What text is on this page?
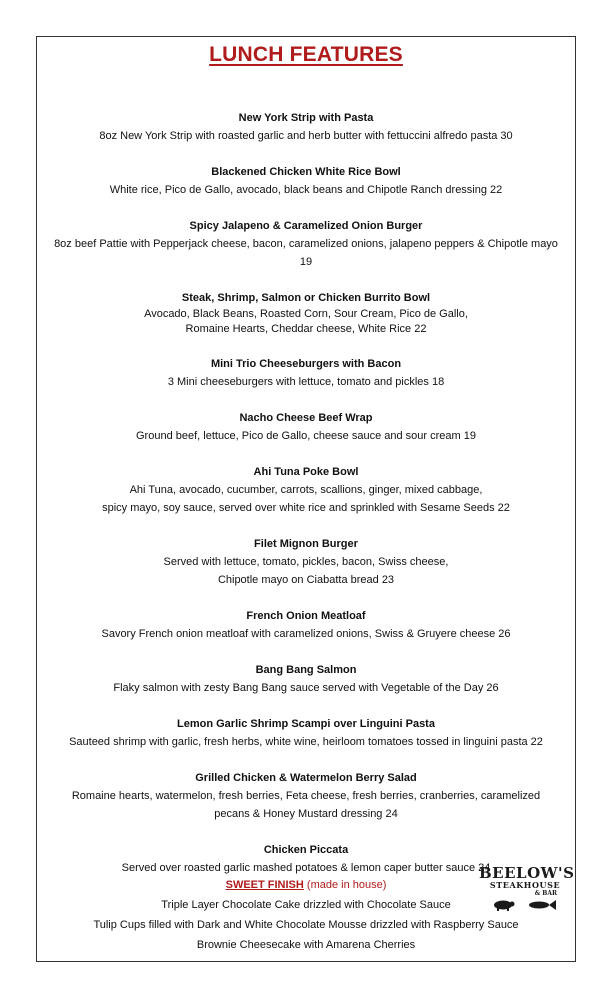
LUNCH FEATURES
New York Strip with Pasta
8oz New York Strip with roasted garlic and herb butter with fettuccini alfredo pasta 30
Blackened Chicken White Rice Bowl
White rice, Pico de Gallo, avocado, black beans and Chipotle Ranch dressing 22
Spicy Jalapeno & Caramelized Onion Burger
8oz beef Pattie with Pepperjack cheese, bacon, caramelized onions, jalapeno peppers & Chipotle mayo
19
Steak, Shrimp, Salmon or Chicken Burrito Bowl
Avocado, Black Beans, Roasted Corn, Sour Cream, Pico de Gallo,
Romaine Hearts, Cheddar cheese, White Rice 22
Mini Trio Cheeseburgers with Bacon
3 Mini cheeseburgers with lettuce, tomato and pickles 18
Nacho Cheese Beef Wrap
Ground beef, lettuce, Pico de Gallo, cheese sauce and sour cream 19
Ahi Tuna Poke Bowl
Ahi Tuna, avocado, cucumber, carrots, scallions, ginger, mixed cabbage,
spicy mayo, soy sauce, served over white rice and sprinkled with Sesame Seeds 22
Filet Mignon Burger
Served with lettuce, tomato, pickles, bacon, Swiss cheese,
Chipotle mayo on Ciabatta bread 23
French Onion Meatloaf
Savory French onion meatloaf with caramelized onions, Swiss & Gruyere cheese 26
Bang Bang Salmon
Flaky salmon with zesty Bang Bang sauce served with Vegetable of the Day 26
Lemon Garlic Shrimp Scampi over Linguini Pasta
Sauteed shrimp with garlic, fresh herbs, white wine, heirloom tomatoes tossed in linguini pasta 22
Grilled Chicken & Watermelon Berry Salad
Romaine hearts, watermelon, fresh berries, Feta cheese, fresh berries, cranberries, caramelized
pecans & Honey Mustard dressing 24
Chicken Piccata
Served over roasted garlic mashed potatoes & lemon caper butter sauce 24
SWEET FINISH (made in house)
Triple Layer Chocolate Cake drizzled with Chocolate Sauce
Tulip Cups filled with Dark and White Chocolate Mousse drizzled with Raspberry Sauce
Brownie Cheesecake with Amarena Cherries
BEELOW'S
STEAKHOUSE
& BAR
